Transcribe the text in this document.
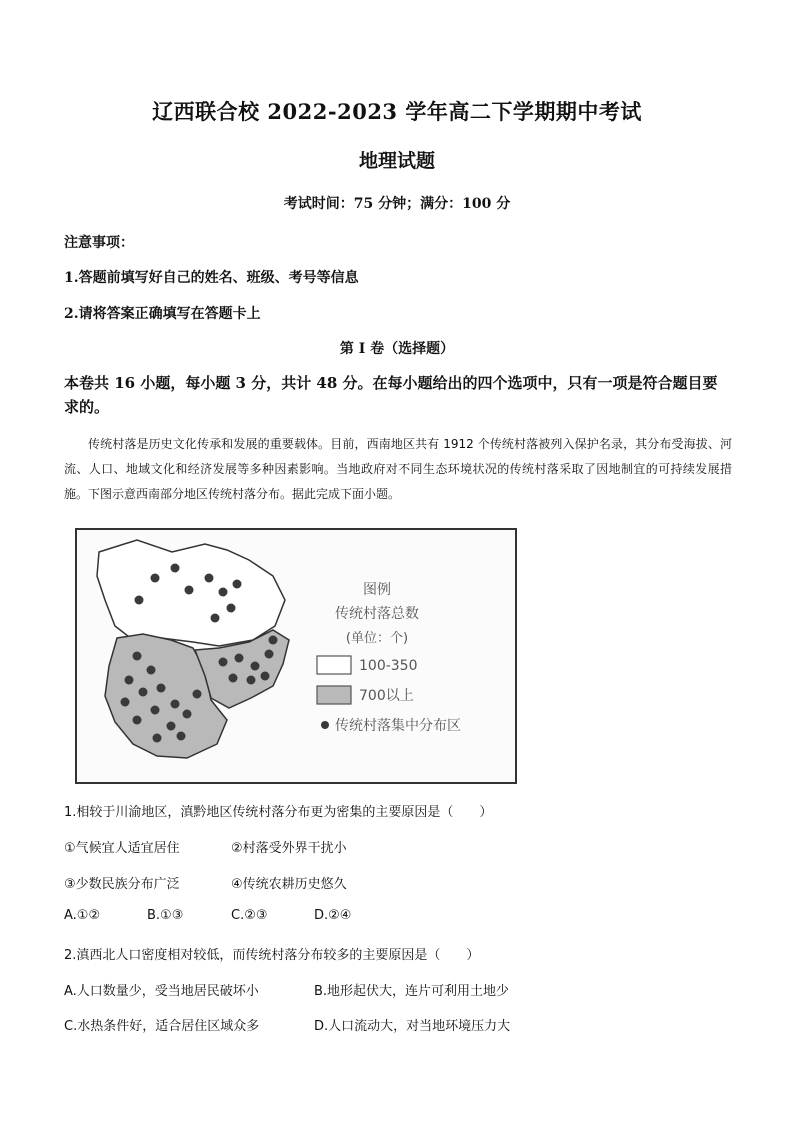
辽西联合校 2022-2023 学年高二下学期期中考试
地理试题
考试时间：75 分钟；满分：100 分
注意事项：
1.答题前填写好自己的姓名、班级、考号等信息
2.请将答案正确填写在答题卡上
第 I 卷（选择题）
本卷共 16 小题，每小题 3 分，共计 48 分。在每小题给出的四个选项中，只有一项是符合题目要求的。
传统村落是历史文化传承和发展的重要载体。目前，西南地区共有 1912 个传统村落被列入保护名录，其分布受海拔、河流、人口、地域文化和经济发展等多种因素影响。当地政府对不同生态环境状况的传统村落采取了因地制宜的可持续发展措施。下图示意西南部分地区传统村落分布。据此完成下面小题。
图例
传统村落总数
(单位：个)
100-350
700以上
传统村落集中分布区
1.相较于川渝地区，滇黔地区传统村落分布更为密集的主要原因是（　　）
①气候宜人适宜居住	②村落受外界干扰小
③少数民族分布广泛	④传统农耕历史悠久
A.①②	B.①③	C.②③	D.②④
2.滇西北人口密度相对较低，而传统村落分布较多的主要原因是（　　）
A.人口数量少，受当地居民破坏小	B.地形起伏大，连片可利用土地少
C.水热条件好，适合居住区域众多	D.人口流动大，对当地环境压力大
